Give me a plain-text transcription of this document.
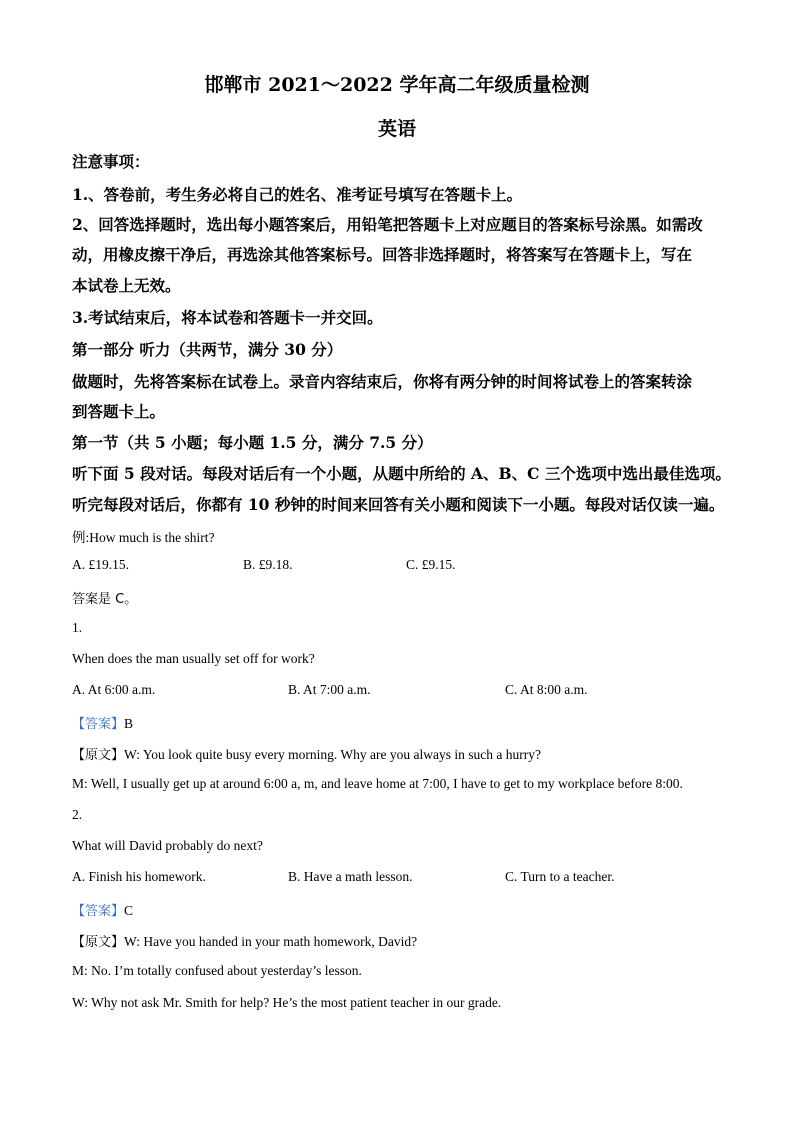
邯郸市 2021～2022 学年高二年级质量检测
英语
注意事项：
1.、答卷前，考生务必将自己的姓名、准考证号填写在答题卡上。
2、回答选择题时，选出每小题答案后，用铅笔把答题卡上对应题目的答案标号涂黑。如需改
动，用橡皮擦干净后，再选涂其他答案标号。回答非选择题时，将答案写在答题卡上，写在
本试卷上无效。
3.考试结束后，将本试卷和答题卡一并交回。
第一部分 听力（共两节，满分 30 分）
做题时，先将答案标在试卷上。录音内容结束后，你将有两分钟的时间将试卷上的答案转涂
到答题卡上。
第一节（共 5 小题；每小题 1.5 分，满分 7.5 分）
听下面 5 段对话。每段对话后有一个小题，从题中所给的 A、B、C 三个选项中选出最佳选项。
听完每段对话后，你都有 10 秒钟的时间来回答有关小题和阅读下一小题。每段对话仅读一遍。
例:How much is the shirt?
A. £19.15.	B. £9.18.	C. £9.15.
答案是 C。
1.
When does the man usually set off for work?
A. At 6:00 a.m.	B. At 7:00 a.m.	C. At 8:00 a.m.
【答案】B
【原文】W: You look quite busy every morning. Why are you always in such a hurry?
M: Well, I usually get up at around 6:00 a, m, and leave home at 7:00, I have to get to my workplace before 8:00.
2.
What will David probably do next?
A. Finish his homework.	B. Have a math lesson.	C. Turn to a teacher.
【答案】C
【原文】W: Have you handed in your math homework, David?
M: No. I’m totally confused about yesterday’s lesson.
W: Why not ask Mr. Smith for help? He’s the most patient teacher in our grade.
